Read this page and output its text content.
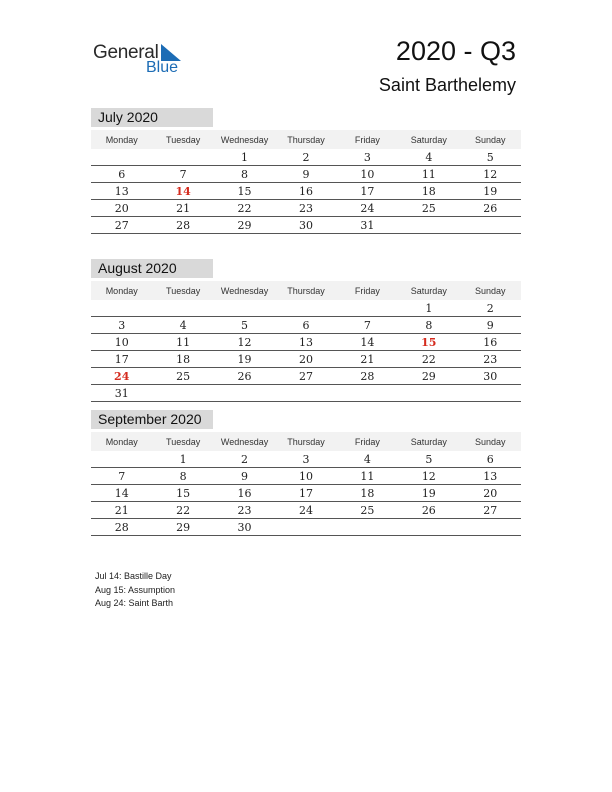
General
Blue
2020 - Q3
Saint Barthelemy
July 2020
Monday	Tuesday	Wednesday	Thursday	Friday	Saturday	Sunday
		1	2	3	4	5
6	7	8	9	10	11	12
13	14	15	16	17	18	19
20	21	22	23	24	25	26
27	28	29	30	31		
August 2020
Monday	Tuesday	Wednesday	Thursday	Friday	Saturday	Sunday
					1	2
3	4	5	6	7	8	9
10	11	12	13	14	15	16
17	18	19	20	21	22	23
24	25	26	27	28	29	30
31						
September 2020
Monday	Tuesday	Wednesday	Thursday	Friday	Saturday	Sunday
	1	2	3	4	5	6
7	8	9	10	11	12	13
14	15	16	17	18	19	20
21	22	23	24	25	26	27
28	29	30				
Jul 14: Bastille Day
Aug 15: Assumption
Aug 24: Saint Barth
